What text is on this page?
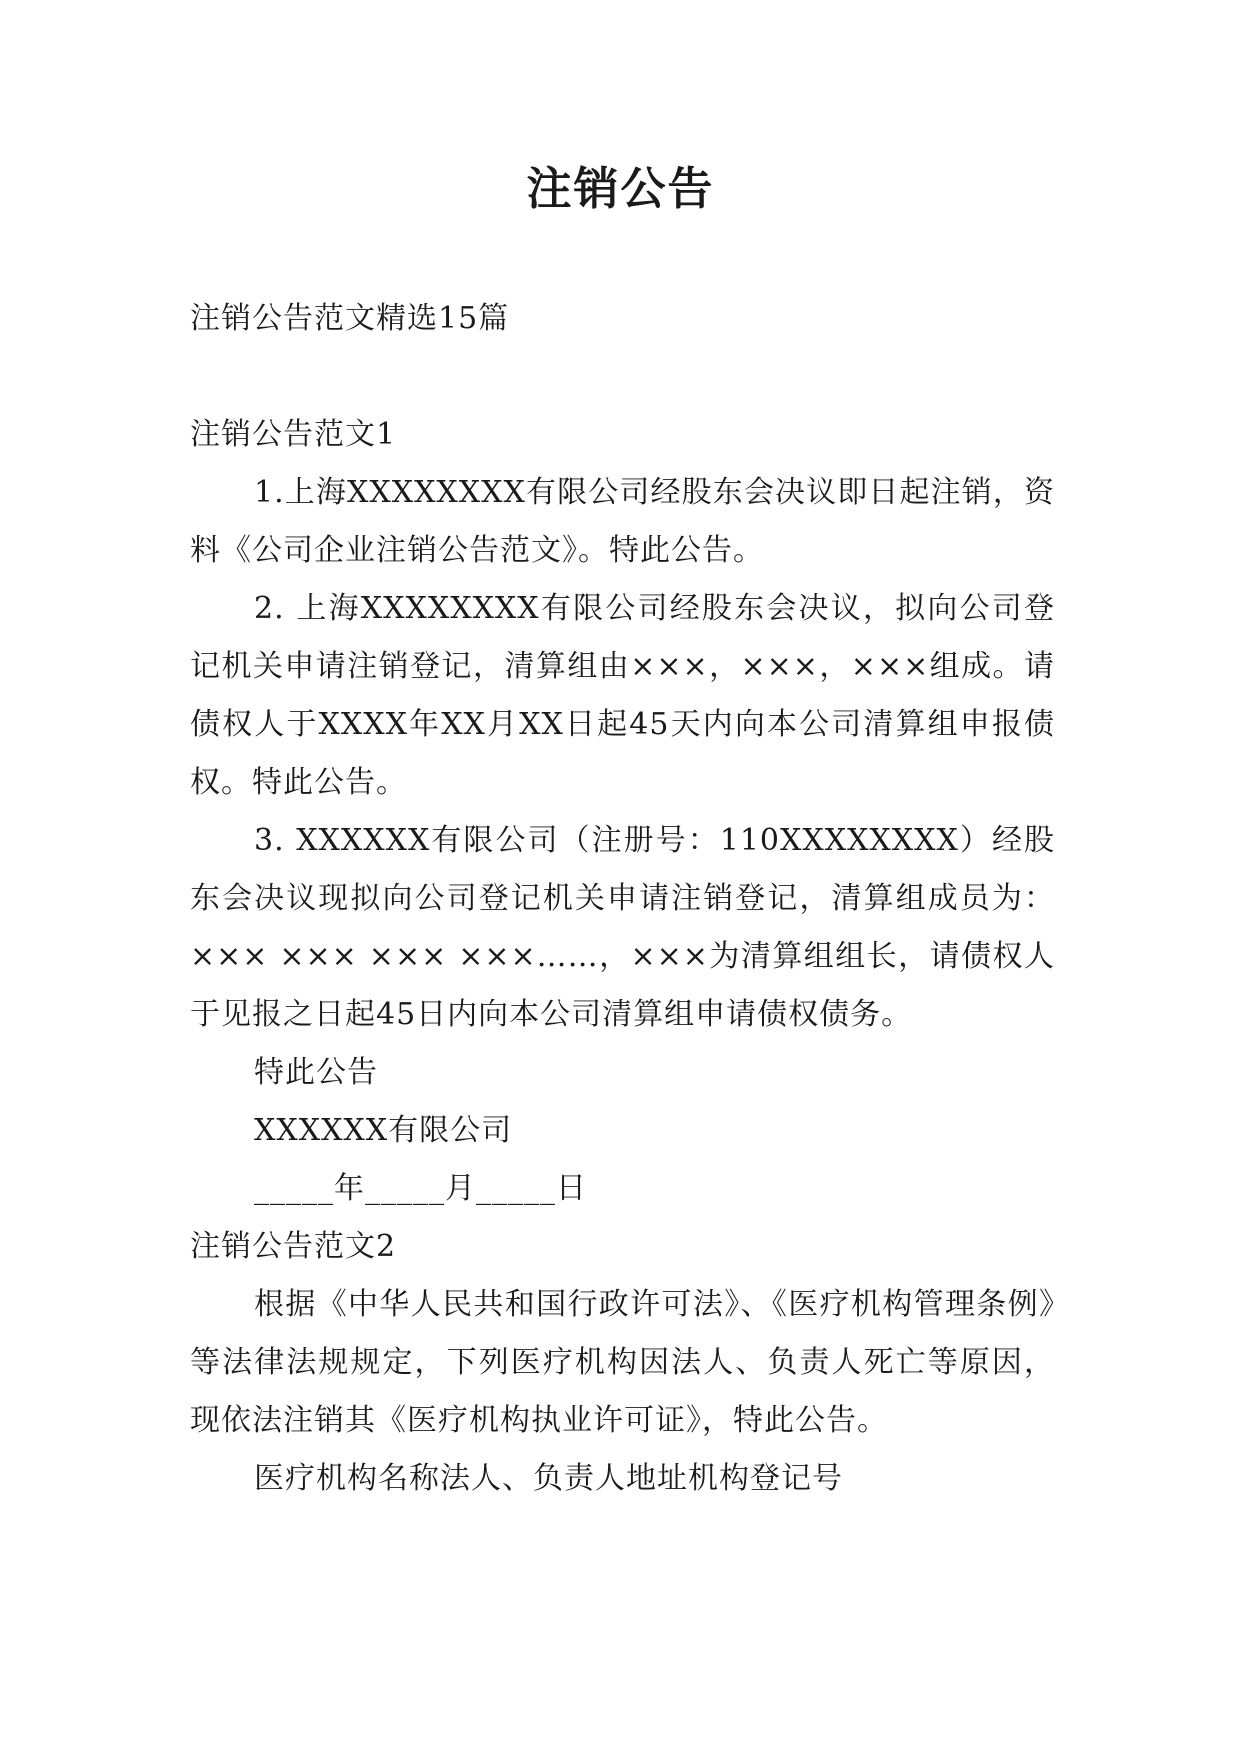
注销公告

注销公告范文精选15篇

注销公告范文1

1.上海XXXXXXXX有限公司经股东会决议即日起注销，资料《公司企业注销公告范文》。特此公告。

2. 上海XXXXXXXX有限公司经股东会决议，拟向公司登记机关申请注销登记，清算组由×××，×××，×××组成。请债权人于XXXX年XX月XX日起45天内向本公司清算组申报债权。特此公告。

3. XXXXXX有限公司（注册号：110XXXXXXXX）经股东会决议现拟向公司登记机关申请注销登记，清算组成员为：××× ××× ××× ×××……，×××为清算组组长，请债权人于见报之日起45日内向本公司清算组申请债权债务。

特此公告

XXXXXX有限公司

_____年_____月_____日

注销公告范文2

根据《中华人民共和国行政许可法》、《医疗机构管理条例》等法律法规规定，下列医疗机构因法人、负责人死亡等原因，现依法注销其《医疗机构执业许可证》，特此公告。

医疗机构名称法人、负责人地址机构登记号
